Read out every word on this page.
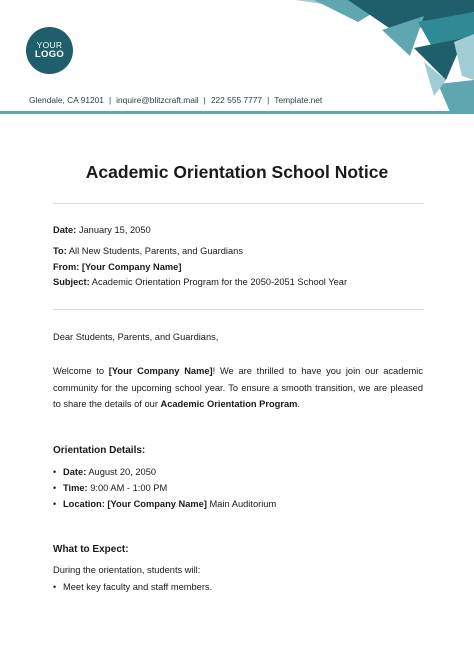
YOUR
LOGO
Glendale, CA 91201 | inquire@blitzcraft.mail | 222 555 7777 | Template.net
Academic Orientation School Notice
Date: January 15, 2050
To: All New Students, Parents, and Guardians
From: [Your Company Name]
Subject: Academic Orientation Program for the 2050-2051 School Year
Dear Students, Parents, and Guardians,

Welcome to [Your Company Name]! We are thrilled to have you join our academic community for the upcoming school year. To ensure a smooth transition, we are pleased to share the details of our Academic Orientation Program.

Orientation Details:
• Date: August 20, 2050
• Time: 9:00 AM - 1:00 PM
• Location: [Your Company Name] Main Auditorium
What to Expect:
During the orientation, students will:
• Meet key faculty and staff members.
